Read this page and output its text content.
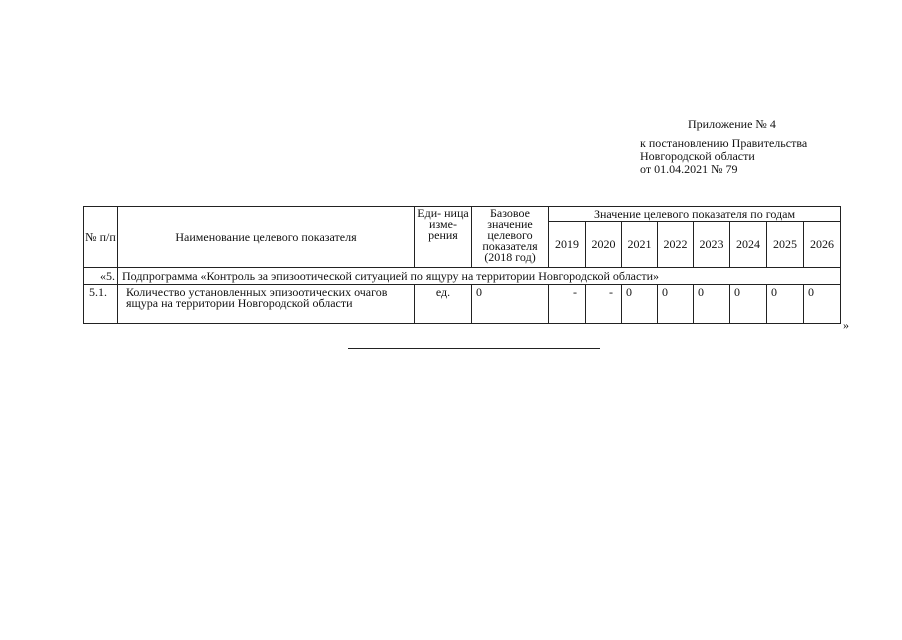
Приложение № 4
к постановлению Правительства
Новгородской области
от 01.04.2021 № 79
№ п/п	Наименование целевого показателя	Еди- ница изме- рения	Базовое значение целевого показателя (2018 год)	Значение целевого показателя по годам							
				2019	2020	2021	2022	2023	2024	2025	2026
«5.	Подпрограмма «Контроль за эпизоотической ситуацией по ящуру на территории Новгородской области»										
5.1.	Количество установленных эпизоотических очагов ящура на территории Новгородской области	ед.	0	-	-	0	0	0	0	0	0
»
